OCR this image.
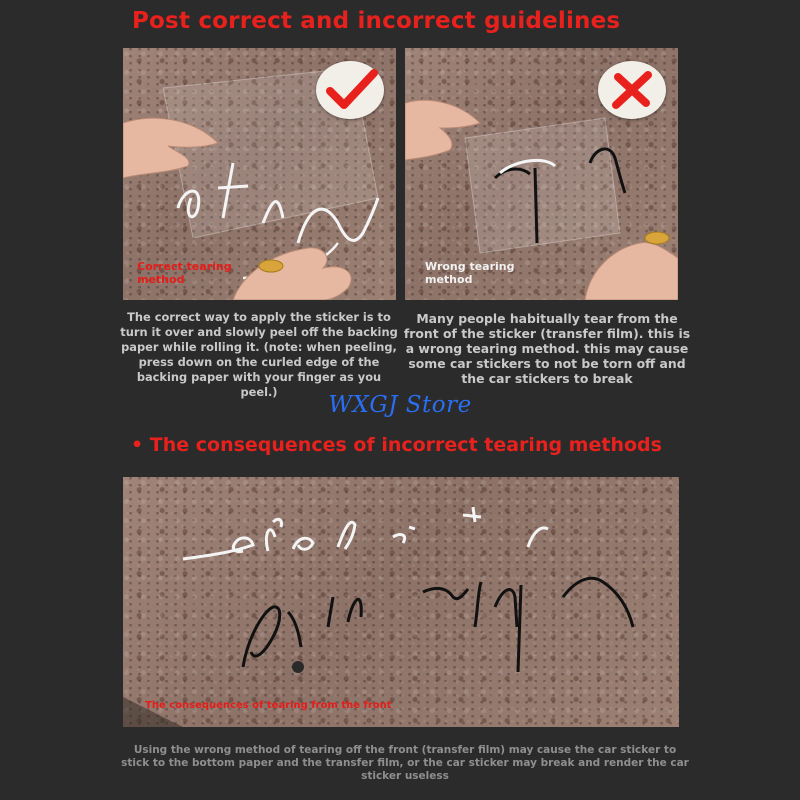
Post correct and incorrect guidelines
Correct tearing method
Wrong tearing method
The correct way to apply the sticker is to turn it over and slowly peel off the backing paper while rolling it. (note: when peeling, press down on the curled edge of the backing paper with your finger as you peel.)
Many people habitually tear from the front of the sticker (transfer film). this is a wrong tearing method. this may cause some car stickers to not be torn off and the car stickers to break
WXGJ Store
• The consequences of incorrect tearing methods
The consequences of tearing from the front
Using the wrong method of tearing off the front (transfer film) may cause the car sticker to stick to the bottom paper and the transfer film, or the car sticker may break and render the car sticker useless
